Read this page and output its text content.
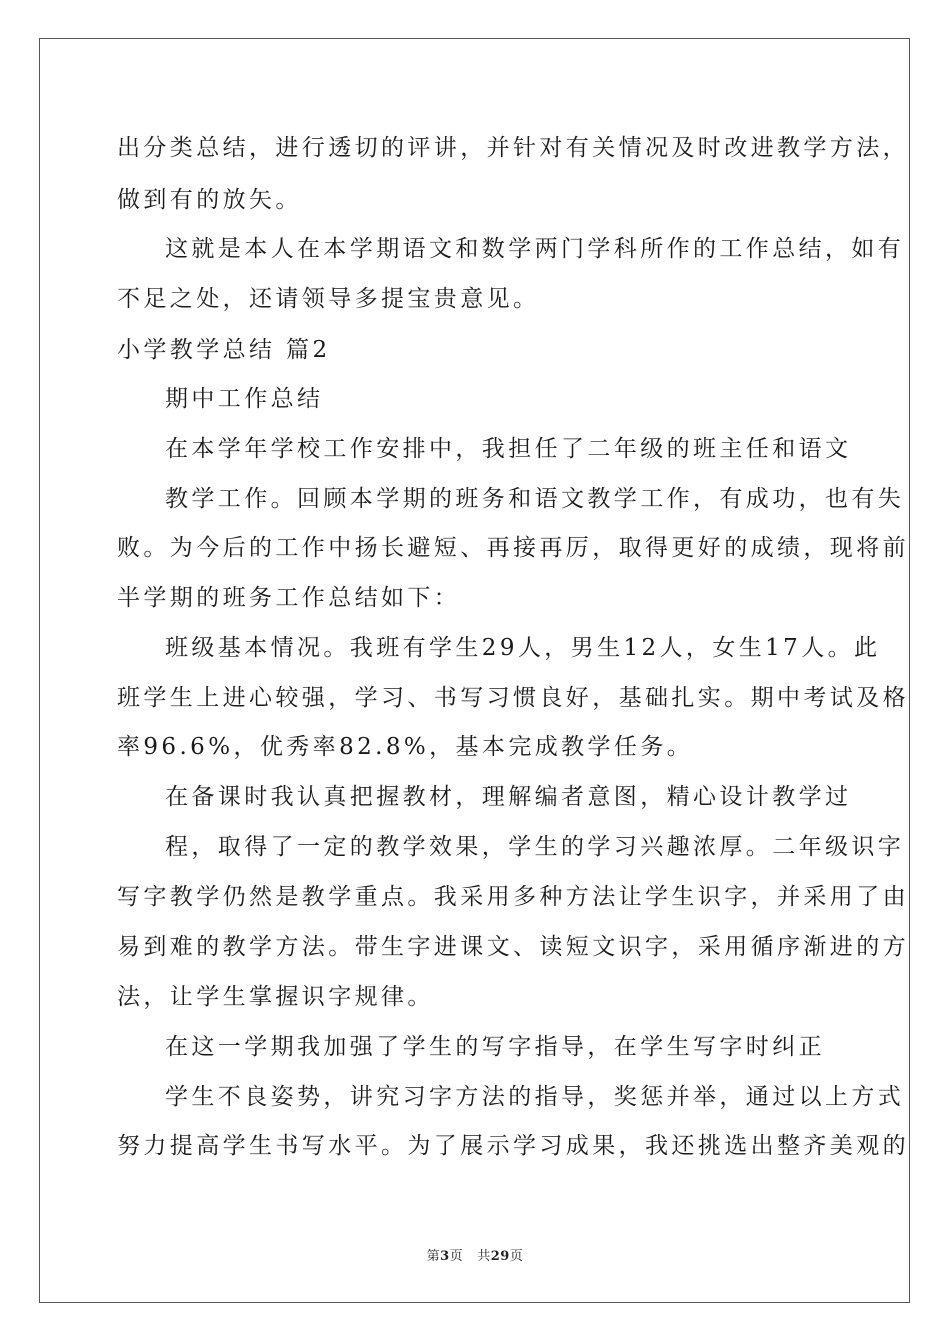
出分类总结，进行透切的评讲，并针对有关情况及时改进教学方法，
做到有的放矢。
这就是本人在本学期语文和数学两门学科所作的工作总结，如有
不足之处，还请领导多提宝贵意见。
小学教学总结 篇2
期中工作总结
在本学年学校工作安排中，我担任了二年级的班主任和语文
教学工作。回顾本学期的班务和语文教学工作，有成功，也有失
败。为今后的工作中扬长避短、再接再厉，取得更好的成绩，现将前
半学期的班务工作总结如下：
班级基本情况。我班有学生29人，男生12人，女生17人。此
班学生上进心较强，学习、书写习惯良好，基础扎实。期中考试及格
率96.6%，优秀率82.8%，基本完成教学任务。
在备课时我认真把握教材，理解编者意图，精心设计教学过
程，取得了一定的教学效果，学生的学习兴趣浓厚。二年级识字
写字教学仍然是教学重点。我采用多种方法让学生识字，并采用了由
易到难的教学方法。带生字进课文、读短文识字，采用循序渐进的方
法，让学生掌握识字规律。
在这一学期我加强了学生的写字指导，在学生写字时纠正
学生不良姿势，讲究习字方法的指导，奖惩并举，通过以上方式
努力提高学生书写水平。为了展示学习成果，我还挑选出整齐美观的
第3页 共29页
